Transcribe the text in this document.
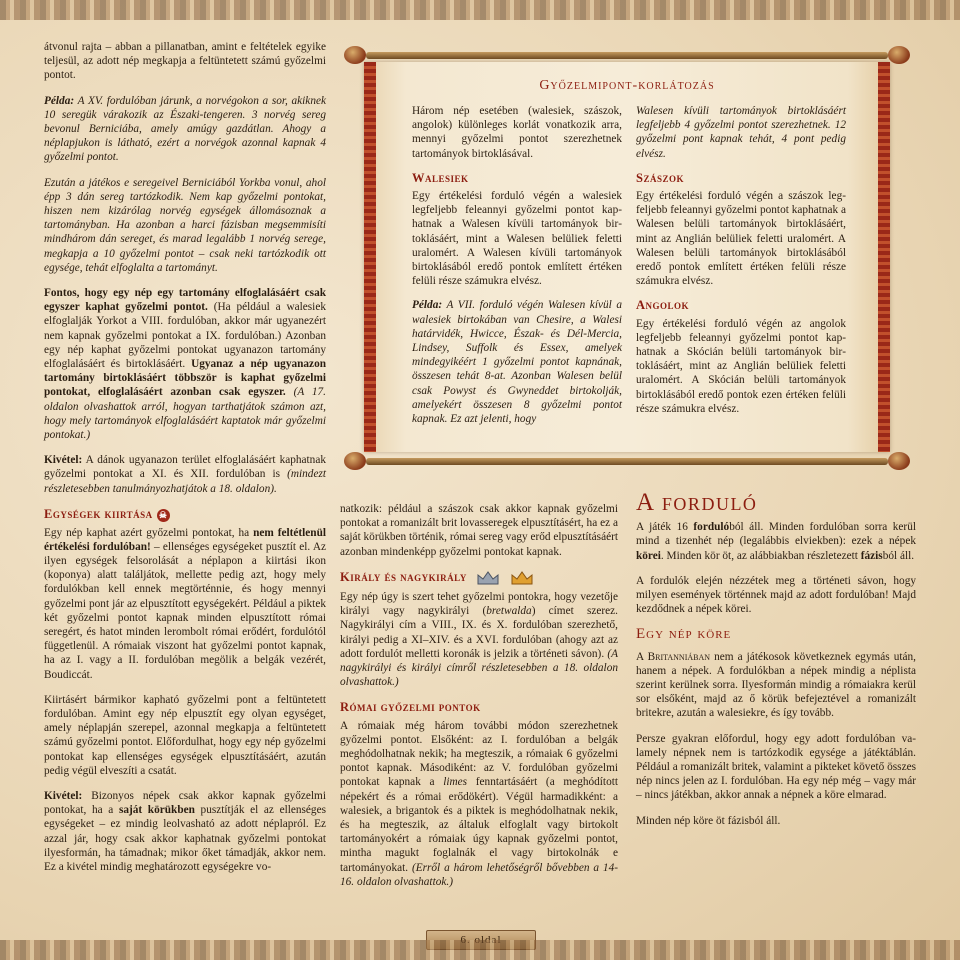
átvonul rajta – abban a pillanatban, amint e feltételek egyike teljesül, az adott nép megkapja a feltüntetett számú győzelmi pontot.

Példa: A XV. fordulóban járunk, a norvégokon a sor, akiknek 10 seregük várakozik az Északi-tengeren. 3 norvég sereg bevonul Berniciába, amely amúgy gazdátlan. Ahogy a néplapjukon is látható, ezért a norvégok azonnal kapnak 4 győzelmi pontot.

Ezután a játékos e seregeivel Berniciából Yorkba vonul, ahol épp 3 dán sereg tartózkodik. Nem kap győzelmi pontokat, hiszen nem kizárólag norvég egységek állomásoznak a tartományban. Ha azonban a harci fázisban megsemmisíti mindhárom dán sereget, és marad legalább 1 norvég serege, megkapja a 10 győzelmi pontot – csak neki tartózkodik ott egysége, tehát elfoglalta a tartományt.

Fontos, hogy egy nép egy tartomány elfoglalásáért csak egyszer kaphat győzelmi pontot. (Ha például a walesiek elfoglalják Yorkot a VIII. fordulóban, akkor már ugyanezért nem kapnak győzelmi pontokat a IX. fordulóban.) Azonban egy nép kaphat győzelmi pontokat ugyanazon tartomány elfoglalásáért és birtoklásáért. Ugyanaz a nép ugyanazon tartomány birtoklásáért többször is kaphat győzelmi pontokat, elfoglalásáért azonban csak egyszer. (A 17. oldalon olvashattok arról, hogyan tarthatjátok számon azt, hogy mely tartományok elfoglalásáért kaptatok már győzelmi pontokat.)

Kivétel: A dánok ugyanazon terület elfoglalásáért kaphatnak győzelmi pontokat a XI. és XII. fordulóban is (mindezt részletesebben tanulmányozhatjátok a 18. oldalon).

Egységek kiirtása ☠

Egy nép kaphat azért győzelmi pontokat, ha nem feltétlenül értékelési fordulóban! – ellenséges egységeket pusztít el. Az ilyen egységek felsorolását a néplapon a kiirtási ikon (koponya) alatt találjátok, mellette pedig azt, hogy mely fordulókban kell ennek megtörténnie, és hogy mennyi győzelmi pont jár az elpusztított egységekért. Például a piktek két győzelmi pontot kapnak minden elpusztított római seregért, és hatot minden lerombolt római erődért, fordulótól függetlenül. A rómaiak viszont hat győzelmi pontot kapnak, ha az I. vagy a II. fordulóban megölik a belgák vezérét, Boudiccát.

Kiirtásért bármikor kapható győzelmi pont a feltüntetett fordulóban. Amint egy nép elpusztít egy olyan egységet, amely néplapján szerepel, azonnal megkapja a feltüntetett számú győzelmi pontot. Előfordulhat, hogy egy nép győzelmi pontokat kap ellenséges egységek elpusztításáért, azután pedig végül elveszíti a csatát.

Kivétel: Bizonyos népek csak akkor kapnak győzelmi pontokat, ha a saját körükben pusztítják el az ellenséges egységeket – ez mindig leolvasható az adott néplapról. Ez azzal jár, hogy csak akkor kaphatnak győzelmi pontokat ilyesformán, ha támadnak; mikor őket támadják, akkor nem. Ez a kivétel mindig meghatározott egységekre vo-

Győzelmipont-korlátozás

Három nép esetében (walesiek, szászok, angolok) különleges korlát vonatkozik arra, mennyi győzelmi pontot szerezhetnek tartományok birtoklásával.

Walesiek

Egy értékelési forduló végén a walesiek legfeljebb feleannyi győzelmi pontot kaphatnak a Walesen kívüli tartományok birtoklásáért, mint a Walesen belüliek feletti uralomért. A Walesen kívüli tartományok birtoklásából eredő pontok említett értéken felüli része számukra elvész.

Példa: A VII. forduló végén Walesen kívül a walesiek birtokában van Chesire, a Walesi határvidék, Hwicce, Észak- és Dél-Mercia, Lindsey, Suffolk és Essex, amelyek mindegyikéért 1 győzelmi pontot kapnának, összesen tehát 8-at. Azonban Walesen belül csak Powyst és Gwyneddet birtokolják, amelyekért összesen 8 győzelmi pontot kapnak. Ez azt jelenti, hogy

Walesen kívüli tartományok birtoklásáért legfeljebb 4 győzelmi pontot szerezhetnek. 12 győzelmi pont kapnak tehát, 4 pont pedig elvész.

Szászok

Egy értékelési forduló végén a szászok legfeljebb feleannyi győzelmi pontot kaphatnak a Walesen belüli tartományok birtoklásáért, mint az Anglián belüliek feletti uralomért. A Walesen belüli tartományok birtoklásából eredő pontok említett értéken felüli része számukra elvész.

Angolok

Egy értékelési forduló végén az angolok legfeljebb feleannyi győzelmi pontot kaphatnak a Skócián belüli tartományok birtoklásáért, mint az Anglián belüliek feletti uralomért. A Skócián belüli tartományok birtoklásából eredő pontok ezen értéken felüli része számukra elvész.

natkozik: például a szászok csak akkor kapnak győzelmi pontokat a romanizált brit lovasseregek elpusztításért, ha ez a saját körükben történik, római sereg vagy erőd elpusztításáért azonban mindenképp győzelmi pontokat kapnak.

Király és nagykirály

Egy nép úgy is szert tehet győzelmi pontokra, hogy vezetője királyi vagy nagykirályi (bretwalda) címet szerez. Nagykirályi cím a VIII., IX. és X. fordulóban szerezhető, királyi pedig a XI–XIV. és a XVI. fordulóban (ahogy azt az adott fordulót melletti koronák is jelzik a történeti sávon). (A nagykirályi és királyi címről részletesebben a 18. oldalon olvashattok.)

Római győzelmi pontok

A rómaiak még három további módon szerezhetnek győzelmi pontot. Elsőként: az I. fordulóban a belgák meghódolhatnak nekik; ha megteszik, a rómaiak 6 győzelmi pontot kapnak. Másodiként: az V. fordulóban győzelmi pontokat kapnak a limes fenntartásáért (a meghódított népekért és a római erődökért). Végül harmadikként: a walesiek, a brigantok és a piktek is meghódolhatnak nekik, és ha megteszik, az általuk elfoglalt vagy birtokolt tartományokért a rómaiak úgy kapnak győzelmi pontot, mintha magukt foglalnák el vagy birtokolnák e tartományokat. (Erről a három lehetőségről bővebben a 14-16. oldalon olvashattok.)

A forduló

A játék 16 fordulóból áll. Minden fordulóban sorra kerül mind a tizenhét nép (legalábbis elviekben): ezek a népek körei. Minden kör öt, az alábbiakban részletezett fázisból áll.

A fordulók elején nézzétek meg a történeti sávon, hogy milyen események történnek majd az adott fordulóban! Majd kezdődnek a népek körei.

Egy nép köre

A Britanniában nem a játékosok következnek egymás után, hanem a népek. A fordulókban a népek mindig a néplista szerint kerülnek sorra. Ilyesformán mindig a rómaiakra kerül sor elsőként, majd az ő körük befejeztével a romanizált britekre, azután a walesiekre, és így tovább.

Persze gyakran előfordul, hogy egy adott fordulóban valamely népnek nem is tartózkodik egysége a játéktáblán. Például a romanizált britek, valamint a pikteket követő összes nép nincs jelen az I. fordulóban. Ha egy nép még – vagy már – nincs játékban, akkor annak a népnek a köre elmarad.

Minden nép köre öt fázisból áll.
